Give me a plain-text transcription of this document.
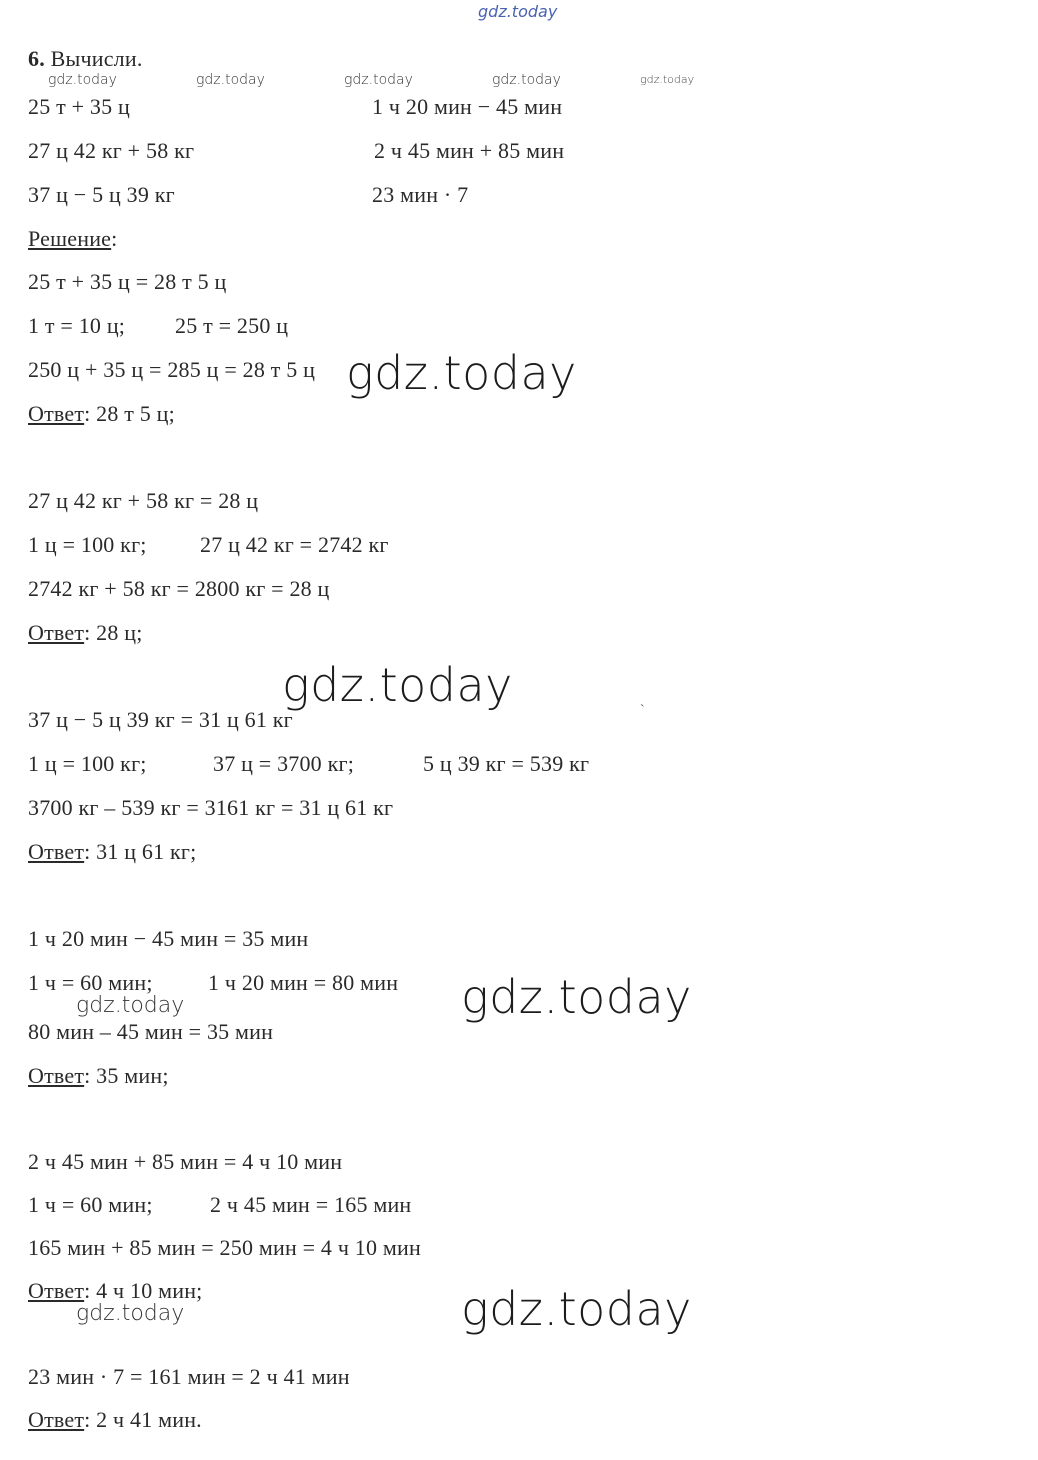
gdz.today
6. Вычисли.
gdz.today	gdz.today	gdz.today	gdz.today	gdz.today
25 т + 35 ц	1 ч 20 мин − 45 мин
27 ц 42 кг + 58 кг	2 ч 45 мин + 85 мин
37 ц − 5 ц 39 кг	23 мин · 7
Решение:
25 т + 35 ц = 28 т 5 ц
1 т = 10 ц; 25 т = 250 ц
250 ц + 35 ц = 285 ц = 28 т 5 ц
Ответ: 28 т 5 ц;
gdz.today
27 ц 42 кг + 58 кг = 28 ц
1 ц = 100 кг; 27 ц 42 кг = 2742 кг
2742 кг + 58 кг = 2800 кг = 28 ц
Ответ: 28 ц;
gdz.today	`
37 ц − 5 ц 39 кг = 31 ц 61 кг
1 ц = 100 кг;	37 ц = 3700 кг;	5 ц 39 кг = 539 кг
3700 кг – 539 кг = 3161 кг = 31 ц 61 кг
Ответ: 31 ц 61 кг;
1 ч 20 мин − 45 мин = 35 мин
1 ч = 60 мин;	1 ч 20 мин = 80 мин
gdz.today	gdz.today
80 мин – 45 мин = 35 мин
Ответ: 35 мин;
2 ч 45 мин + 85 мин = 4 ч 10 мин
1 ч = 60 мин;	2 ч 45 мин = 165 мин
165 мин + 85 мин = 250 мин = 4 ч 10 мин
Ответ: 4 ч 10 мин;
gdz.today	gdz.today
23 мин · 7 = 161 мин = 2 ч 41 мин
Ответ: 2 ч 41 мин.
